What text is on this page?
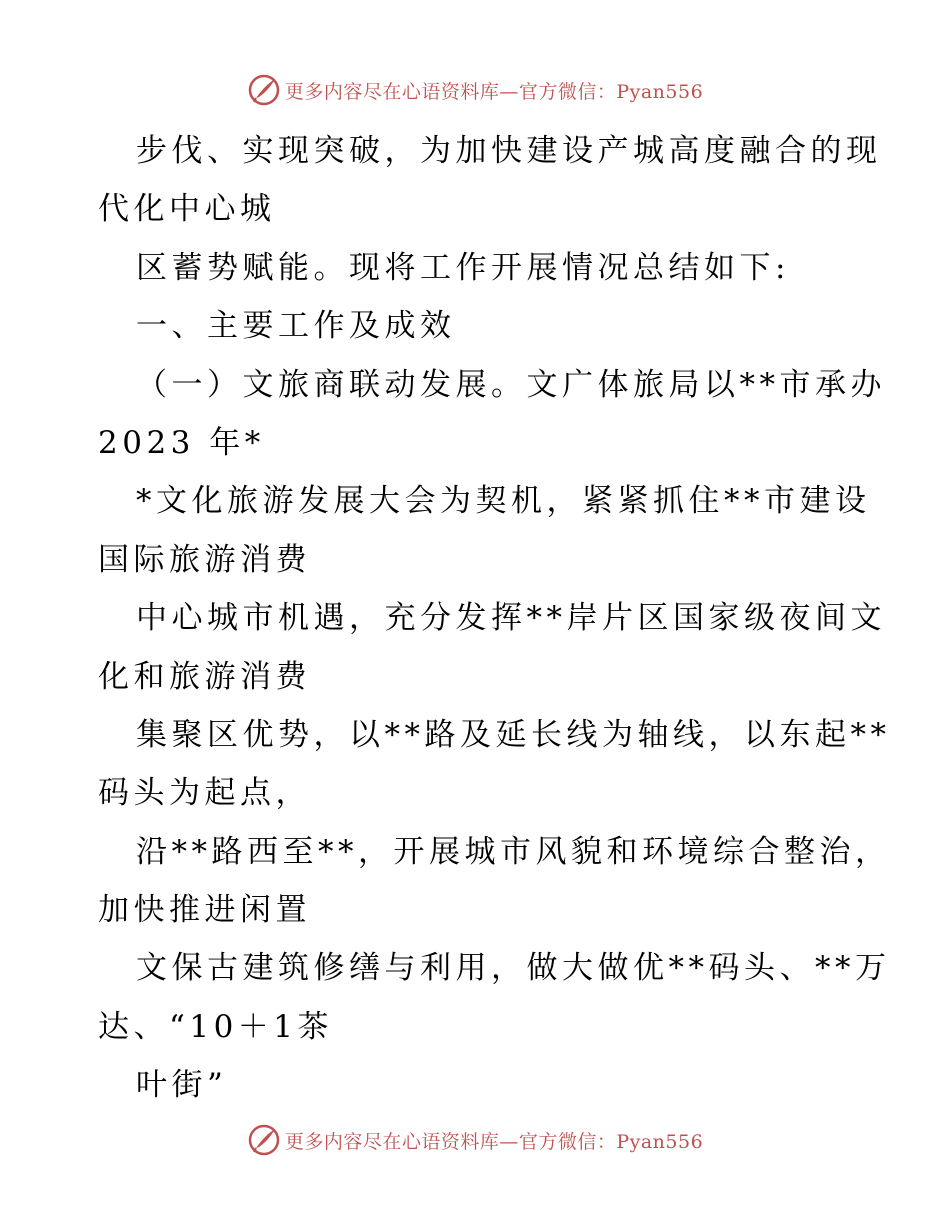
更多内容尽在心语资料库—官方微信：Pyan556
步伐、实现突破，为加快建设产城高度融合的现
代化中心城
区蓄势赋能。现将工作开展情况总结如下:
一、主要工作及成效
（一）文旅商联动发展。文广体旅局以**市承办
2023 年*
*文化旅游发展大会为契机，紧紧抓住**市建设
国际旅游消费
中心城市机遇，充分发挥**岸片区国家级夜间文
化和旅游消费
集聚区优势，以**路及延长线为轴线，以东起**
码头为起点，
沿**路西至**，开展城市风貌和环境综合整治，
加快推进闲置
文保古建筑修缮与利用，做大做优**码头、**万
达、“10＋1茶
叶街”
更多内容尽在心语资料库—官方微信：Pyan556
